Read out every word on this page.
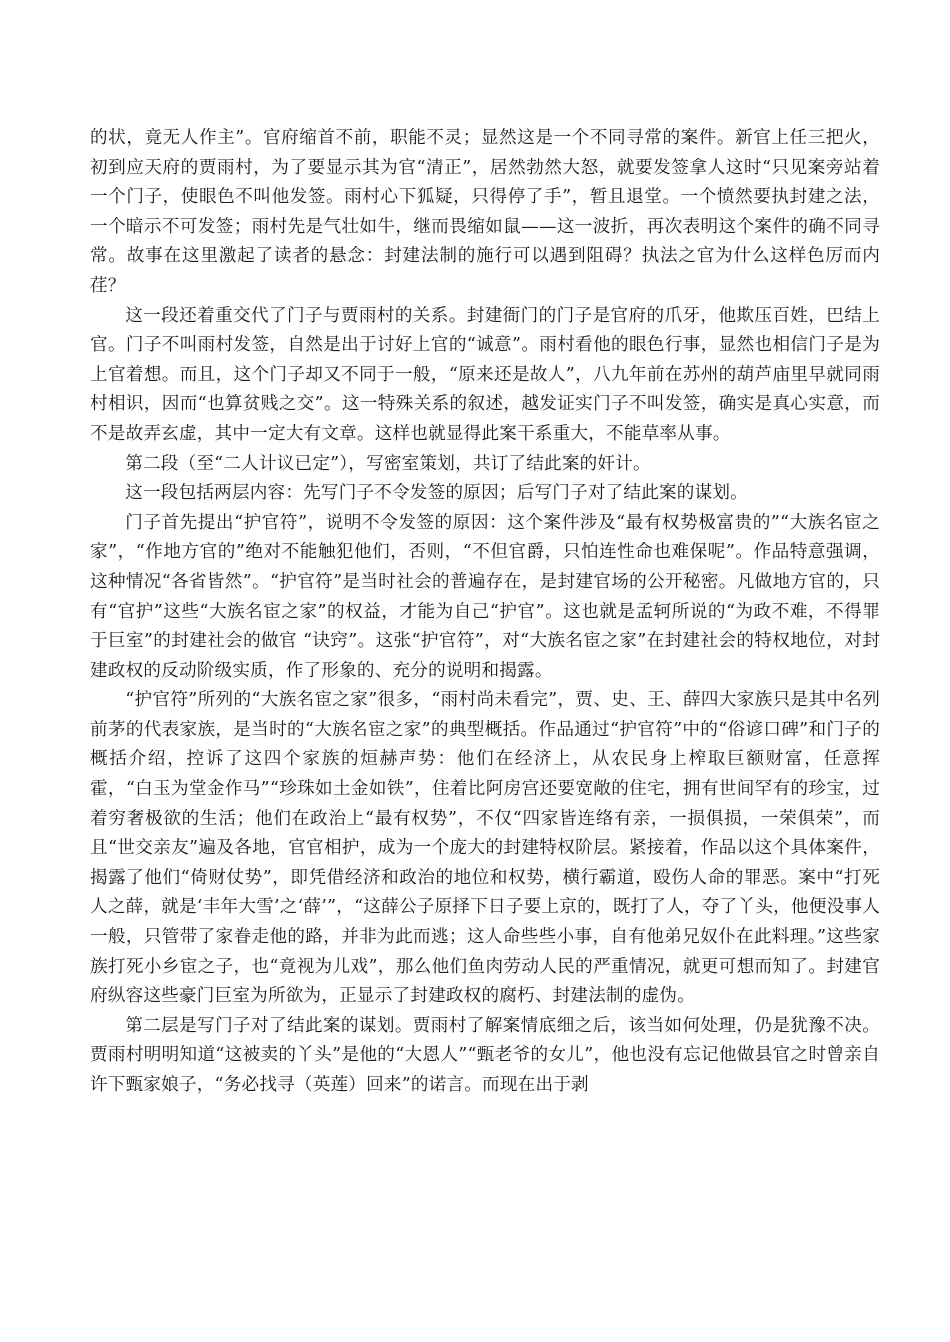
的状，竟无人作主”。官府缩首不前，职能不灵；显然这是一个不同寻常的案件。新官上任三把火，初到应天府的贾雨村，为了要显示其为官“清正”，居然勃然大怒，就要发签拿人这时“只见案旁站着一个门子，使眼色不叫他发签。雨村心下狐疑，只得停了手”，暂且退堂。一个愤然要执封建之法，一个暗示不可发签；雨村先是气壮如牛，继而畏缩如鼠——这一波折，再次表明这个案件的确不同寻常。故事在这里激起了读者的悬念：封建法制的施行可以遇到阻碍？执法之官为什么这样色厉而内荏？

这一段还着重交代了门子与贾雨村的关系。封建衙门的门子是官府的爪牙，他欺压百姓，巴结上官。门子不叫雨村发签，自然是出于讨好上官的“诚意”。雨村看他的眼色行事，显然也相信门子是为上官着想。而且，这个门子却又不同于一般，“原来还是故人”，八九年前在苏州的葫芦庙里早就同雨村相识，因而“也算贫贱之交”。这一特殊关系的叙述，越发证实门子不叫发签，确实是真心实意，而不是故弄玄虚，其中一定大有文章。这样也就显得此案干系重大，不能草率从事。

第二段（至“二人计议已定”），写密室策划，共订了结此案的奸计。

这一段包括两层内容：先写门子不令发签的原因；后写门子对了结此案的谋划。

门子首先提出“护官符”，说明不令发签的原因：这个案件涉及“最有权势极富贵的”“大族名宦之家”，“作地方官的”绝对不能触犯他们，否则，“不但官爵，只怕连性命也难保呢”。作品特意强调，这种情况“各省皆然”。“护官符”是当时社会的普遍存在，是封建官场的公开秘密。凡做地方官的，只有“官护”这些“大族名宦之家”的权益，才能为自己“护官”。这也就是孟轲所说的“为政不难，不得罪于巨室”的封建社会的做官 “诀窍”。这张“护官符”，对“大族名宦之家”在封建社会的特权地位，对封建政权的反动阶级实质，作了形象的、充分的说明和揭露。

“护官符”所列的“大族名宦之家”很多，“雨村尚未看完”，贾、史、王、薛四大家族只是其中名列前茅的代表家族，是当时的“大族名宦之家”的典型概括。作品通过“护官符”中的“俗谚口碑”和门子的概括介绍，控诉了这四个家族的烜赫声势：他们在经济上，从农民身上榨取巨额财富，任意挥霍，“白玉为堂金作马”“珍珠如土金如铁”，住着比阿房宫还要宽敞的住宅，拥有世间罕有的珍宝，过着穷奢极欲的生活；他们在政治上“最有权势”，不仅“四家皆连络有亲，一损俱损，一荣俱荣”，而且“世交亲友”遍及各地，官官相护，成为一个庞大的封建特权阶层。紧接着，作品以这个具体案件，揭露了他们“倚财仗势”，即凭借经济和政治的地位和权势，横行霸道，殴伤人命的罪恶。案中“打死人之薛，就是‘丰年大雪’之‘薛’”，“这薛公子原择下日子要上京的，既打了人，夺了丫头，他便没事人一般，只管带了家眷走他的路，并非为此而逃；这人命些些小事，自有他弟兄奴仆在此料理。”这些家族打死小乡宦之子，也“竟视为儿戏”，那么他们鱼肉劳动人民的严重情况，就更可想而知了。封建官府纵容这些豪门巨室为所欲为，正显示了封建政权的腐朽、封建法制的虚伪。

第二层是写门子对了结此案的谋划。贾雨村了解案情底细之后，该当如何处理，仍是犹豫不决。贾雨村明明知道“这被卖的丫头”是他的“大恩人”“甄老爷的女儿”，他也没有忘记他做县官之时曾亲自许下甄家娘子，“务必找寻（英莲）回来”的诺言。而现在出于剥
